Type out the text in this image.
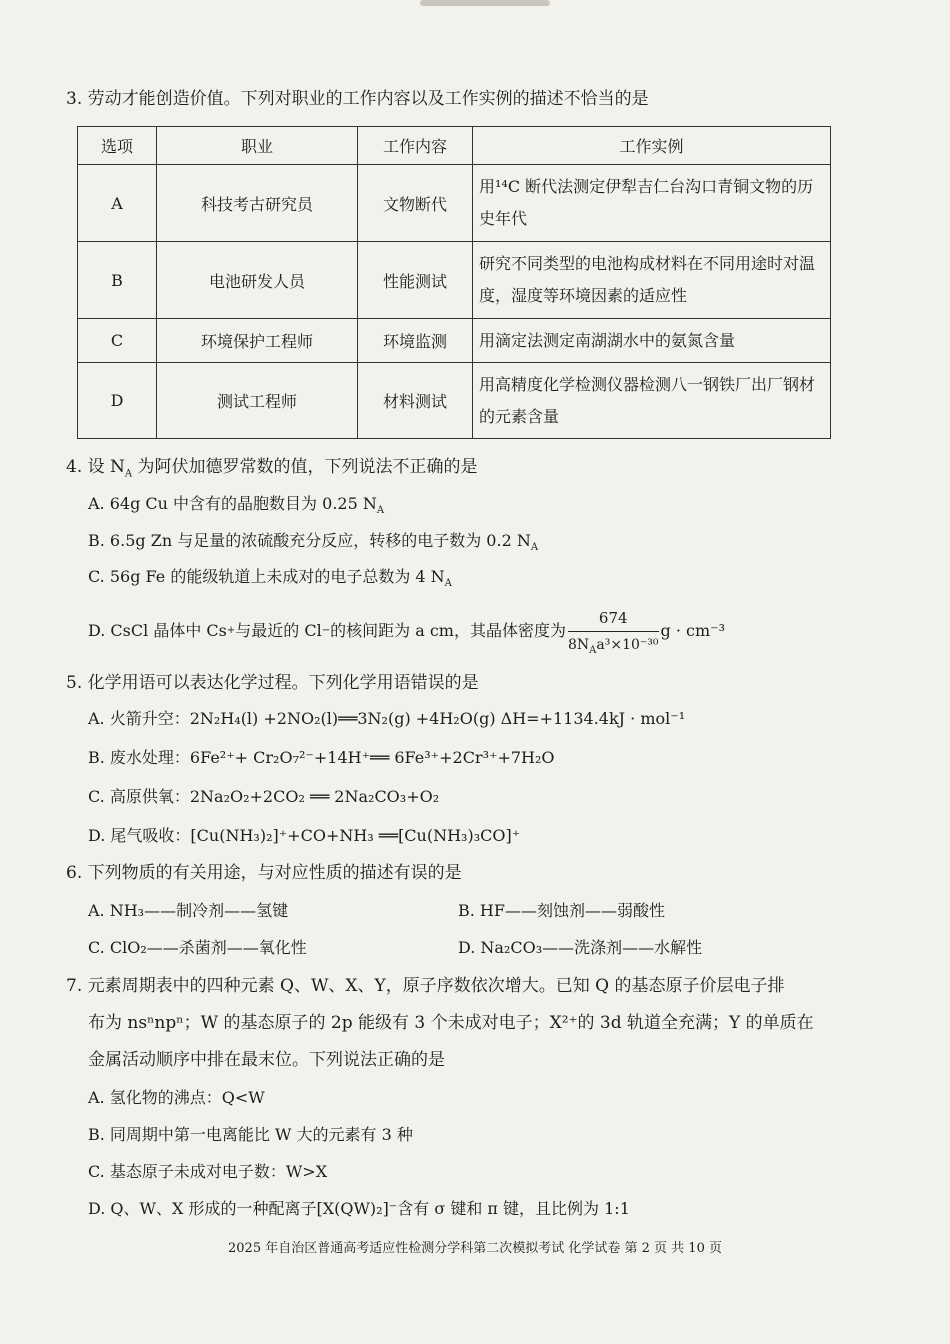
3. 劳动才能创造价值。下列对职业的工作内容以及工作实例的描述不恰当的是
选项	职业	工作内容	工作实例
A	科技考古研究员	文物断代	用¹⁴C 断代法测定伊犁吉仁台沟口青铜文物的历史年代
B	电池研发人员	性能测试	研究不同类型的电池构成材料在不同用途时对温度，湿度等环境因素的适应性
C	环境保护工程师	环境监测	用滴定法测定南湖湖水中的氨氮含量
D	测试工程师	材料测试	用高精度化学检测仪器检测八一钢铁厂出厂钢材的元素含量
4. 设 $N_A$ 为阿伏加德罗常数的值，下列说法不正确的是
A. 64g Cu 中含有的晶胞数目为 0.25 $N_A$
B. 6.5g Zn 与足量的浓硫酸充分反应，转移的电子数为 0.2 $N_A$
C. 56g Fe 的能级轨道上未成对的电子总数为 4 $N_A$
D. CsCl 晶体中 Cs + 与最近的 Cl − 的核间距为 a cm，其晶体密度为 $\frac{674}{8N_Aa^3\times 10^{-30}}$ g · cm⁻³
5. 化学用语可以表达化学过程。下列化学用语错误的是
A. 火箭升空：2N₂H₄(l) +2NO₂(l)══3N₂(g) +4H₂O(g) ΔH=+1134.4kJ · mol⁻¹
B. 废水处理：6Fe²⁺+ Cr₂O₇²⁻+14H⁺══ 6Fe³⁺+2Cr³⁺+7H₂O
C. 高原供氧：2Na₂O₂+2CO₂ ══ 2Na₂CO₃+O₂
D. 尾气吸收：[Cu(NH₃)₂]⁺+CO+NH₃ ══[Cu(NH₃)₃CO]⁺
6. 下列物质的有关用途，与对应性质的描述有误的是
A. NH₃——制冷剂——氢键	B. HF——刻蚀剂——弱酸性
C. ClO₂——杀菌剂——氧化性	D. Na₂CO₃——洗涤剂——水解性
7. 元素周期表中的四种元素 Q、W、X、Y，原子序数依次增大。已知 Q 的基态原子价层电子排
布为 nsⁿnpⁿ；W 的基态原子的 2p 能级有 3 个未成对电子；X²⁺的 3d 轨道全充满；Y 的单质在
金属活动顺序中排在最末位。下列说法正确的是
A. 氢化物的沸点：Q<W
B. 同周期中第一电离能比 W 大的元素有 3 种
C. 基态原子未成对电子数：W>X
D. Q、W、X 形成的一种配离子[X(QW)₂]⁻含有 σ 键和 π 键，且比例为 1:1
2025 年自治区普通高考适应性检测分学科第二次模拟考试 化学试卷 第 2 页 共 10 页
